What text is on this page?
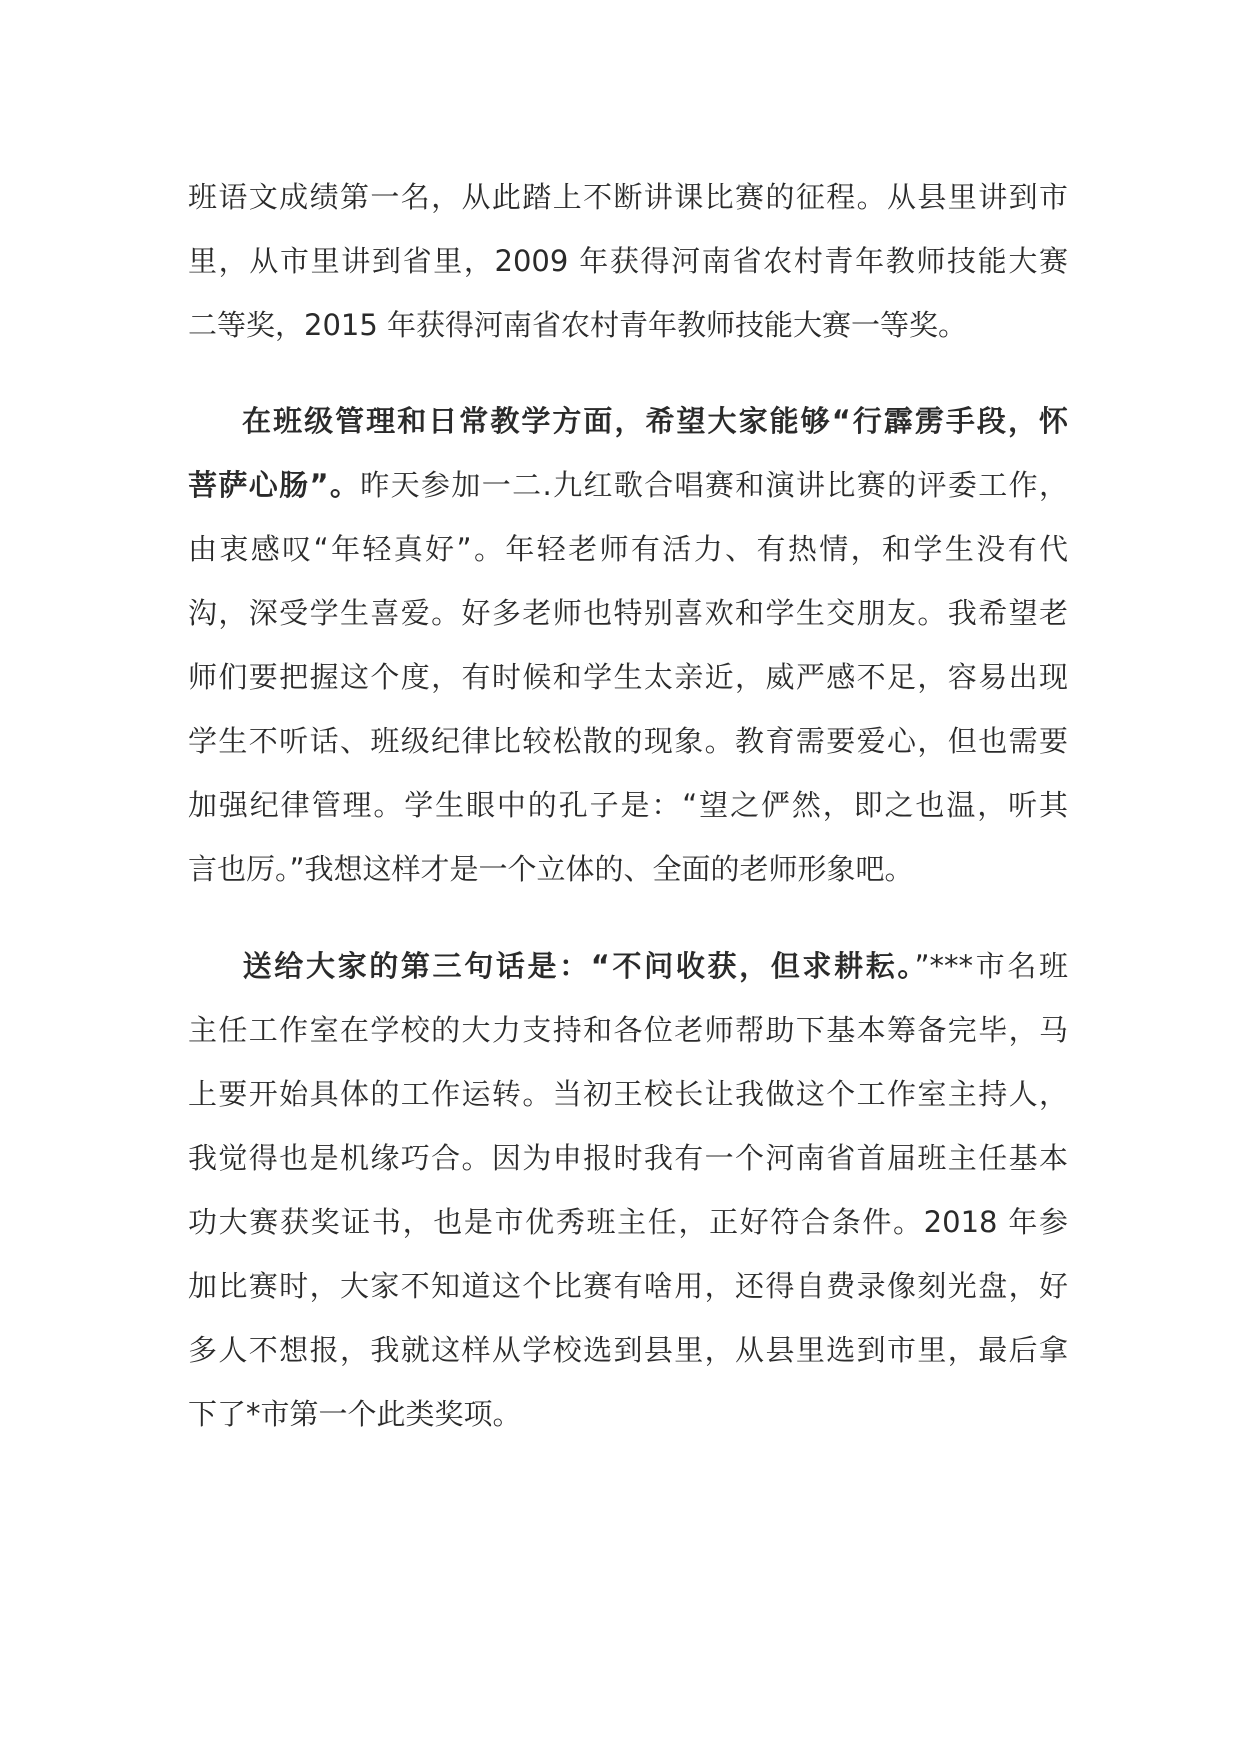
班语文成绩第一名，从此踏上不断讲课比赛的征程。从县里讲到市
里，从市里讲到省里，2009 年获得河南省农村青年教师技能大赛
二等奖，2015 年获得河南省农村青年教师技能大赛一等奖。
在班级管理和日常教学方面，希望大家能够“行霹雳手段，怀
菩萨心肠”。昨天参加一二.九红歌合唱赛和演讲比赛的评委工作，
由衷感叹“年轻真好”。年轻老师有活力、有热情，和学生没有代
沟，深受学生喜爱。好多老师也特别喜欢和学生交朋友。我希望老
师们要把握这个度，有时候和学生太亲近，威严感不足，容易出现
学生不听话、班级纪律比较松散的现象。教育需要爱心，但也需要
加强纪律管理。学生眼中的孔子是：“望之俨然，即之也温，听其
言也厉。”我想这样才是一个立体的、全面的老师形象吧。
送给大家的第三句话是：“不问收获，但求耕耘。”***市名班
主任工作室在学校的大力支持和各位老师帮助下基本筹备完毕，马
上要开始具体的工作运转。当初王校长让我做这个工作室主持人，
我觉得也是机缘巧合。因为申报时我有一个河南省首届班主任基本
功大赛获奖证书，也是市优秀班主任，正好符合条件。2018 年参
加比赛时，大家不知道这个比赛有啥用，还得自费录像刻光盘，好
多人不想报，我就这样从学校选到县里，从县里选到市里，最后拿
下了*市第一个此类奖项。
